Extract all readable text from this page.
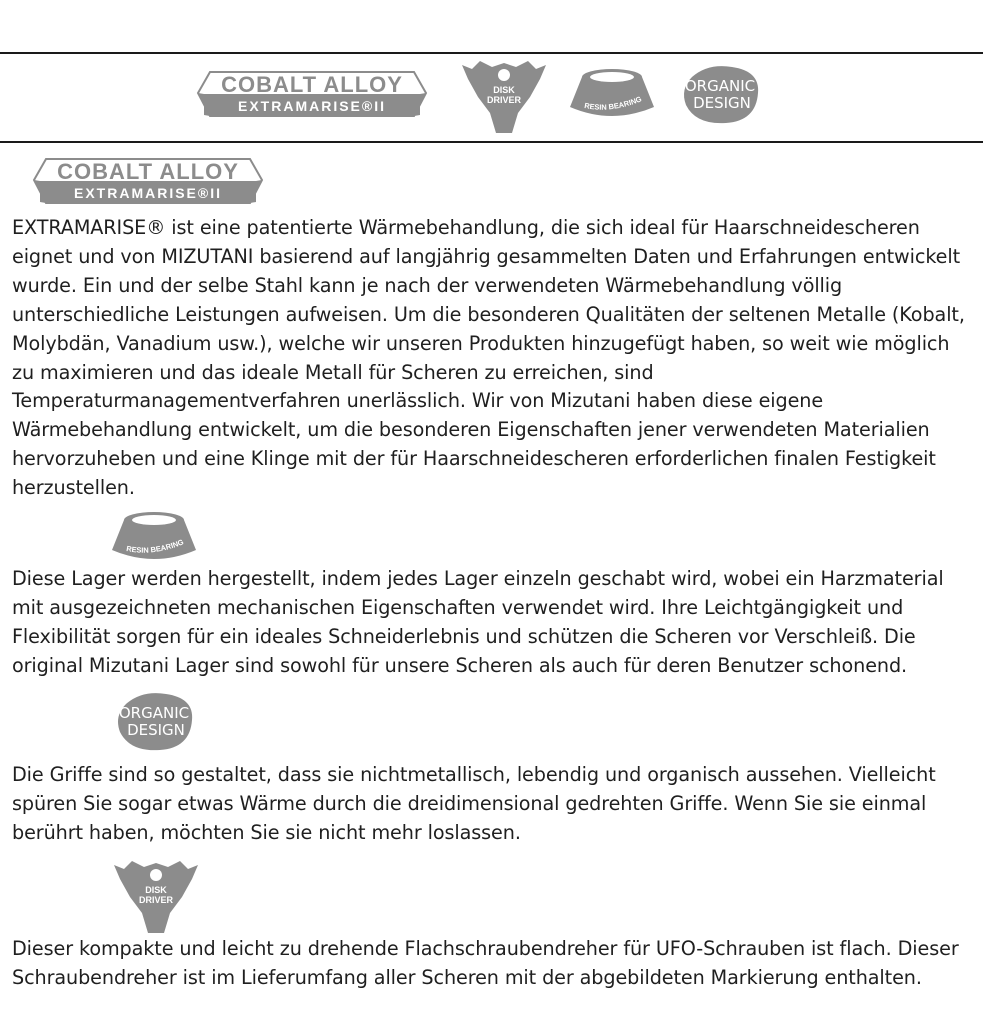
COBALT ALLOY
EXTRAMARISE®II
DISK
DRIVER
RESIN BEARING
ORGANIC
DESIGN
COBALT ALLOY
EXTRAMARISE®II

EXTRAMARISE® ist eine patentierte Wärmebehandlung, die sich ideal für Haarschneidescheren eignet und von MIZUTANI basierend auf langjährig gesammelten Daten und Erfahrungen entwickelt wurde. Ein und der selbe Stahl kann je nach der verwendeten Wärmebehandlung völlig unterschiedliche Leistungen aufweisen. Um die besonderen Qualitäten der seltenen Metalle (Kobalt, Molybdän, Vanadium usw.), welche wir unseren Produkten hinzugefügt haben, so weit wie möglich zu maximieren und das ideale Metall für Scheren zu erreichen, sind Temperaturmanagementverfahren unerlässlich. Wir von Mizutani haben diese eigene Wärmebehandlung entwickelt, um die besonderen Eigenschaften jener verwendeten Materialien hervorzuheben und eine Klinge mit der für Haarschneidescheren erforderlichen finalen Festigkeit herzustellen.

RESIN BEARING

Diese Lager werden hergestellt, indem jedes Lager einzeln geschabt wird, wobei ein Harzmaterial mit ausgezeichneten mechanischen Eigenschaften verwendet wird. Ihre Leichtgängigkeit und Flexibilität sorgen für ein ideales Schneiderlebnis und schützen die Scheren vor Verschleiß. Die original Mizutani Lager sind sowohl für unsere Scheren als auch für deren Benutzer schonend.

ORGANIC
DESIGN

Die Griffe sind so gestaltet, dass sie nichtmetallisch, lebendig und organisch aussehen. Vielleicht spüren Sie sogar etwas Wärme durch die dreidimensional gedrehten Griffe. Wenn Sie sie einmal berührt haben, möchten Sie sie nicht mehr loslassen.

DISK
DRIVER

Dieser kompakte und leicht zu drehende Flachschraubendreher für UFO-Schrauben ist flach. Dieser Schraubendreher ist im Lieferumfang aller Scheren mit der abgebildeten Markierung enthalten.
